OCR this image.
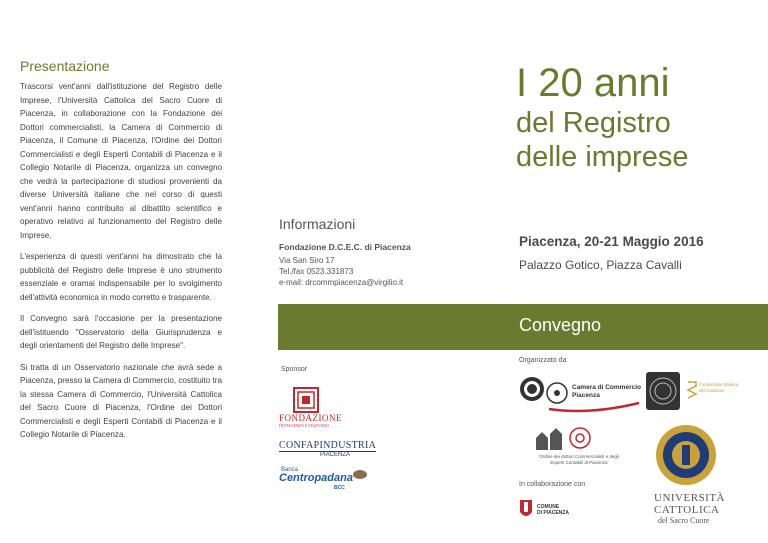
Presentazione

Trascorsi vent'anni dall'istituzione del Registro delle Imprese, l'Università Cattolica del Sacro Cuore di Piacenza, in collaborazione con la Fondazione dei Dottori commercialisti, la Camera di Commercio di Piacenza, il Comune di Piacenza, l'Ordine dei Dottori Commercialisti e degli Esperti Contabili di Piacenza e il Collegio Notarile di Piacenza, organizza un convegno che vedrà la partecipazione di studiosi provenienti da diverse Università italiane che nel corso di questi vent'anni hanno contribuito al dibattito scientifico e operativo relativo al funzionamento del Registro delle Imprese.

L'esperienza di questi vent'anni ha dimostrato che la pubblicità del Registro delle Imprese è uno strumento essenziale e oramai indispensabile per lo svolgimento dell'attività economica in modo corretto e trasparente.

Il Convegno sarà l'occasione per la presentazione dell'istituendo "Osservatorio della Giurisprudenza e degli orientamenti del Registro delle Imprese".

Si tratta di un Osservatorio nazionale che avrà sede a Piacenza, presso la Camera di Commercio, costituito tra la stessa Camera di Commercio, l'Università Cattolica del Sacro Cuore di Piacenza, l'Ordine dei Dottori Commercialisti e degli Esperti Contabili di Piacenza e il Collegio Notarile di Piacenza.

Informazioni
Fondazione D.C.E.C. di Piacenza
Via San Siro 17
Tel./fax 0523.331873
e-mail: drcommpiacenza@virgilio.it
I 20 anni
del Registro
delle imprese
Piacenza, 20-21 Maggio 2016
Palazzo Gotico, Piazza Cavalli
Convegno
Sponsor
FONDAZIONE
DI PIACENZA E VIGEVANO
CONFAPINDUSTRIA
PIACENZA
Banca
Centropadana
BCC
Organizzato da
Camera di Commercio
Piacenza
Fondazione Italiana del Notariato
Ordine dei dottori Commercialisti e degli
Esperti Contabili di Piacenza
UNIVERSITÀ
CATTOLICA
del Sacro Cuore
In collaborazione con
COMUNE
DI PIACENZA
